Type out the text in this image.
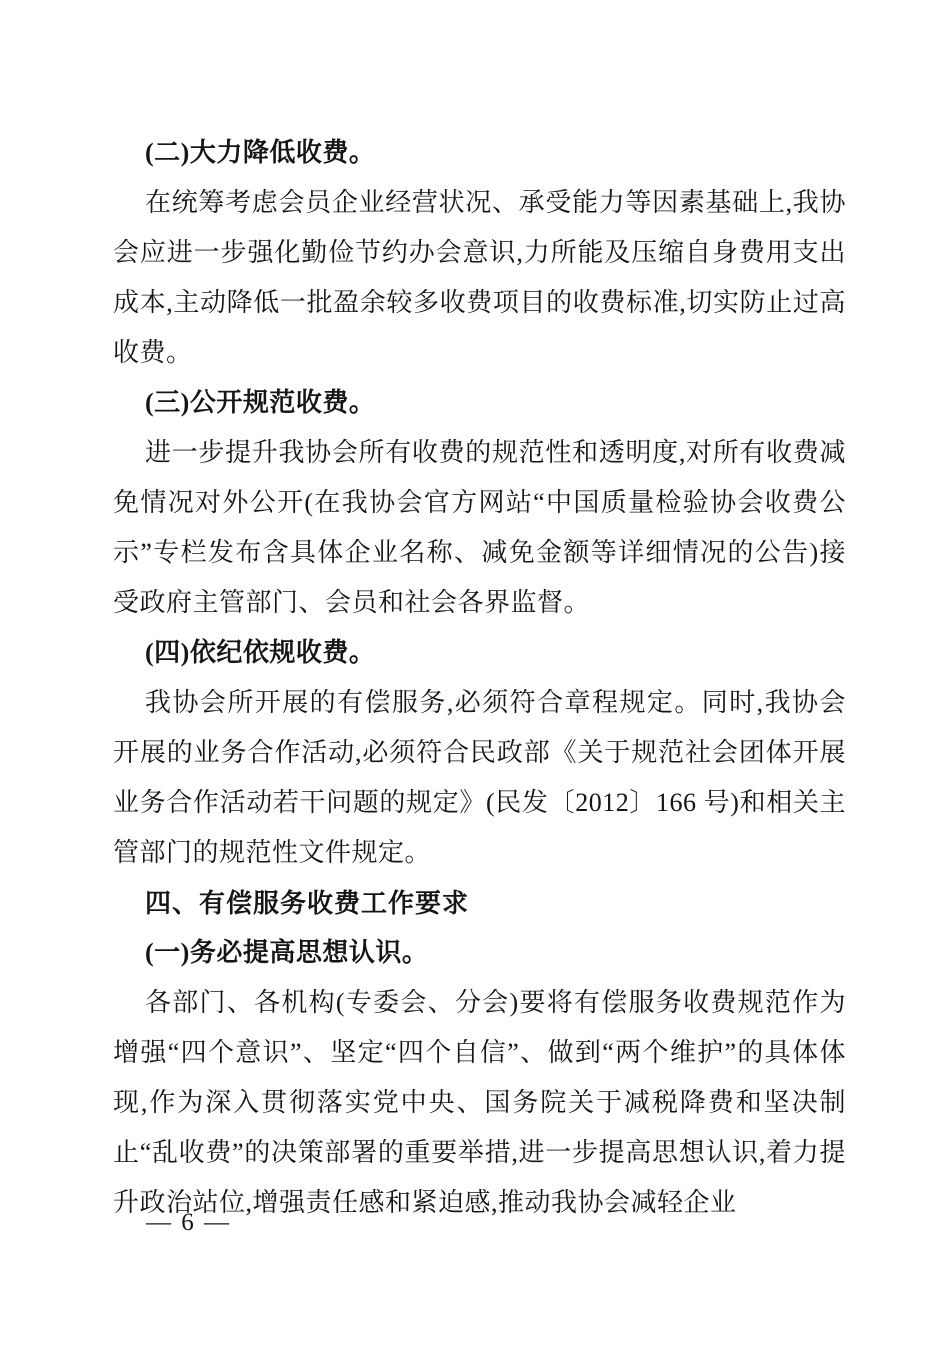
(二)大力降低收费。

在统筹考虑会员企业经营状况、承受能力等因素基础上,我协会应进一步强化勤俭节约办会意识,力所能及压缩自身费用支出成本,主动降低一批盈余较多收费项目的收费标准,切实防止过高收费。

(三)公开规范收费。

进一步提升我协会所有收费的规范性和透明度,对所有收费减免情况对外公开(在我协会官方网站“中国质量检验协会收费公示”专栏发布含具体企业名称、减免金额等详细情况的公告)接受政府主管部门、会员和社会各界监督。

(四)依纪依规收费。

我协会所开展的有偿服务,必须符合章程规定。同时,我协会开展的业务合作活动,必须符合民政部《关于规范社会团体开展业务合作活动若干问题的规定》(民发〔2012〕166 号)和相关主管部门的规范性文件规定。

四、有偿服务收费工作要求

(一)务必提高思想认识。

各部门、各机构(专委会、分会)要将有偿服务收费规范作为增强“四个意识”、坚定“四个自信”、做到“两个维护”的具体体现,作为深入贯彻落实党中央、国务院关于减税降费和坚决制止“乱收费”的决策部署的重要举措,进一步提高思想认识,着力提升政治站位,增强责任感和紧迫感,推动我协会减轻企业

— 6 —
